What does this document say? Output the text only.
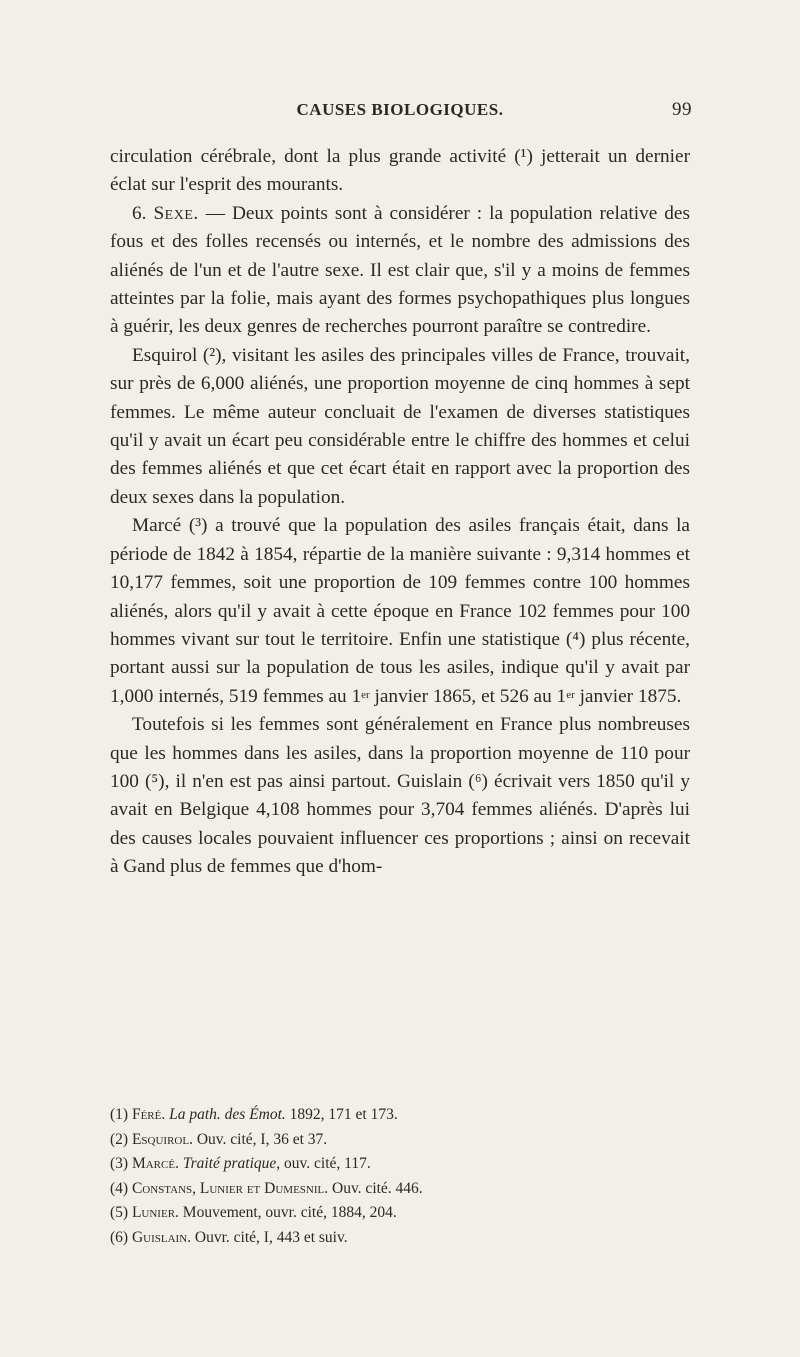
CAUSES BIOLOGIQUES.	99

circulation cérébrale, dont la plus grande activité (¹) jetterait un dernier éclat sur l'esprit des mourants.

6. Sexe. — Deux points sont à considérer : la population relative des fous et des folles recensés ou internés, et le nombre des admissions des aliénés de l'un et de l'autre sexe. Il est clair que, s'il y a moins de femmes atteintes par la folie, mais ayant des formes psychopathiques plus longues à guérir, les deux genres de recherches pourront paraître se contredire.

Esquirol (²), visitant les asiles des principales villes de France, trouvait, sur près de 6,000 aliénés, une proportion moyenne de cinq hommes à sept femmes. Le même auteur concluait de l'examen de diverses statistiques qu'il y avait un écart peu considérable entre le chiffre des hommes et celui des femmes aliénés et que cet écart était en rapport avec la proportion des deux sexes dans la population.

Marcé (³) a trouvé que la population des asiles français était, dans la période de 1842 à 1854, répartie de la manière suivante : 9,314 hommes et 10,177 femmes, soit une proportion de 109 femmes contre 100 hommes aliénés, alors qu'il y avait à cette époque en France 102 femmes pour 100 hommes vivant sur tout le territoire. Enfin une statistique (⁴) plus récente, portant aussi sur la population de tous les asiles, indique qu'il y avait par 1,000 internés, 519 femmes au 1er janvier 1865, et 526 au 1er janvier 1875.

Toutefois si les femmes sont généralement en France plus nombreuses que les hommes dans les asiles, dans la proportion moyenne de 110 pour 100 (⁵), il n'en est pas ainsi partout. Guislain (⁶) écrivait vers 1850 qu'il y avait en Belgique 4,108 hommes pour 3,704 femmes aliénés. D'après lui des causes locales pouvaient influencer ces proportions ; ainsi on recevait à Gand plus de femmes que d'hom-

(1) Féré. La path. des Émot. 1892, 171 et 173.

(2) Esquirol. Ouv. cité, I, 36 et 37.

(3) Marcé. Traité pratique, ouv. cité, 117.

(4) Constans, Lunier et Dumesnil. Ouv. cité. 446.

(5) Lunier. Mouvement, ouvr. cité, 1884, 204.

(6) Guislain. Ouvr. cité, I, 443 et suiv.
